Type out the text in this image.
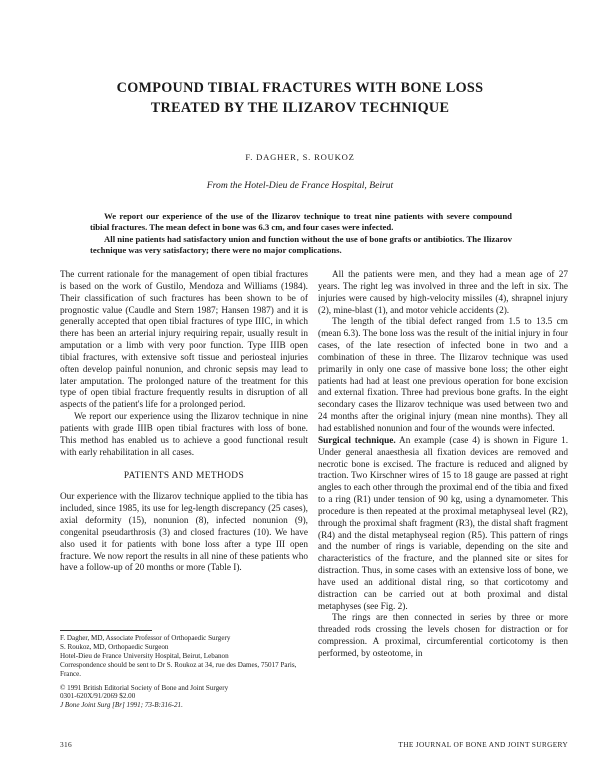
COMPOUND TIBIAL FRACTURES WITH BONE LOSS
TREATED BY THE ILIZAROV TECHNIQUE
F. DAGHER, S. ROUKOZ
From the Hotel-Dieu de France Hospital, Beirut

We report our experience of the use of the Ilizarov technique to treat nine patients with severe compound tibial fractures. The mean defect in bone was 6.3 cm, and four cases were infected.

All nine patients had satisfactory union and function without the use of bone grafts or antibiotics. The Ilizarov technique was very satisfactory; there were no major complications.

The current rationale for the management of open tibial fractures is based on the work of Gustilo, Mendoza and Williams (1984). Their classification of such fractures has been shown to be of prognostic value (Caudle and Stern 1987; Hansen 1987) and it is generally accepted that open tibial fractures of type IIIC, in which there has been an arterial injury requiring repair, usually result in amputation or a limb with very poor function. Type IIIB open tibial fractures, with extensive soft tissue and periosteal injuries often develop painful nonunion, and chronic sepsis may lead to later amputation. The prolonged nature of the treatment for this type of open tibial fracture frequently results in disruption of all aspects of the patient's life for a prolonged period.

We report our experience using the Ilizarov technique in nine patients with grade IIIB open tibial fractures with loss of bone. This method has enabled us to achieve a good functional result with early rehabilitation in all cases.

PATIENTS AND METHODS

Our experience with the Ilizarov technique applied to the tibia has included, since 1985, its use for leg-length discrepancy (25 cases), axial deformity (15), nonunion (8), infected nonunion (9), congenital pseudarthrosis (3) and closed fractures (10). We have also used it for patients with bone loss after a type III open fracture. We now report the results in all nine of these patients who have a follow-up of 20 months or more (Table I).

F. Dagher, MD, Associate Professor of Orthopaedic Surgery

S. Roukoz, MD, Orthopaedic Surgeon

Hotel-Dieu de France University Hospital, Beirut, Lebanon

Correspondence should be sent to Dr S. Roukoz at 34, rue des Dames, 75017 Paris, France.

© 1991 British Editorial Society of Bone and Joint Surgery

0301-620X/91/2069 $2.00

J Bone Joint Surg [Br] 1991; 73-B:316-21.

All the patients were men, and they had a mean age of 27 years. The right leg was involved in three and the left in six. The injuries were caused by high-velocity missiles (4), shrapnel injury (2), mine-blast (1), and motor vehicle accidents (2).

The length of the tibial defect ranged from 1.5 to 13.5 cm (mean 6.3). The bone loss was the result of the initial injury in four cases, of the late resection of infected bone in two and a combination of these in three. The Ilizarov technique was used primarily in only one case of massive bone loss; the other eight patients had had at least one previous operation for bone excision and external fixation. Three had previous bone grafts. In the eight secondary cases the Ilizarov technique was used between two and 24 months after the original injury (mean nine months). They all had established nonunion and four of the wounds were infected.

Surgical technique. An example (case 4) is shown in Figure 1. Under general anaesthesia all fixation devices are removed and necrotic bone is excised. The fracture is reduced and aligned by traction. Two Kirschner wires of 15 to 18 gauge are passed at right angles to each other through the proximal end of the tibia and fixed to a ring (R1) under tension of 90 kg, using a dynamometer. This procedure is then repeated at the proximal metaphyseal level (R2), through the proximal shaft fragment (R3), the distal shaft fragment (R4) and the distal metaphyseal region (R5). This pattern of rings and the number of rings is variable, depending on the site and characteristics of the fracture, and the planned site or sites for distraction. Thus, in some cases with an extensive loss of bone, we have used an additional distal ring, so that corticotomy and distraction can be carried out at both proximal and distal metaphyses (see Fig. 2).

The rings are then connected in series by three or more threaded rods crossing the levels chosen for distraction or for compression. A proximal, circumferential corticotomy is then performed, by osteotome, in

316	THE JOURNAL OF BONE AND JOINT SURGERY
